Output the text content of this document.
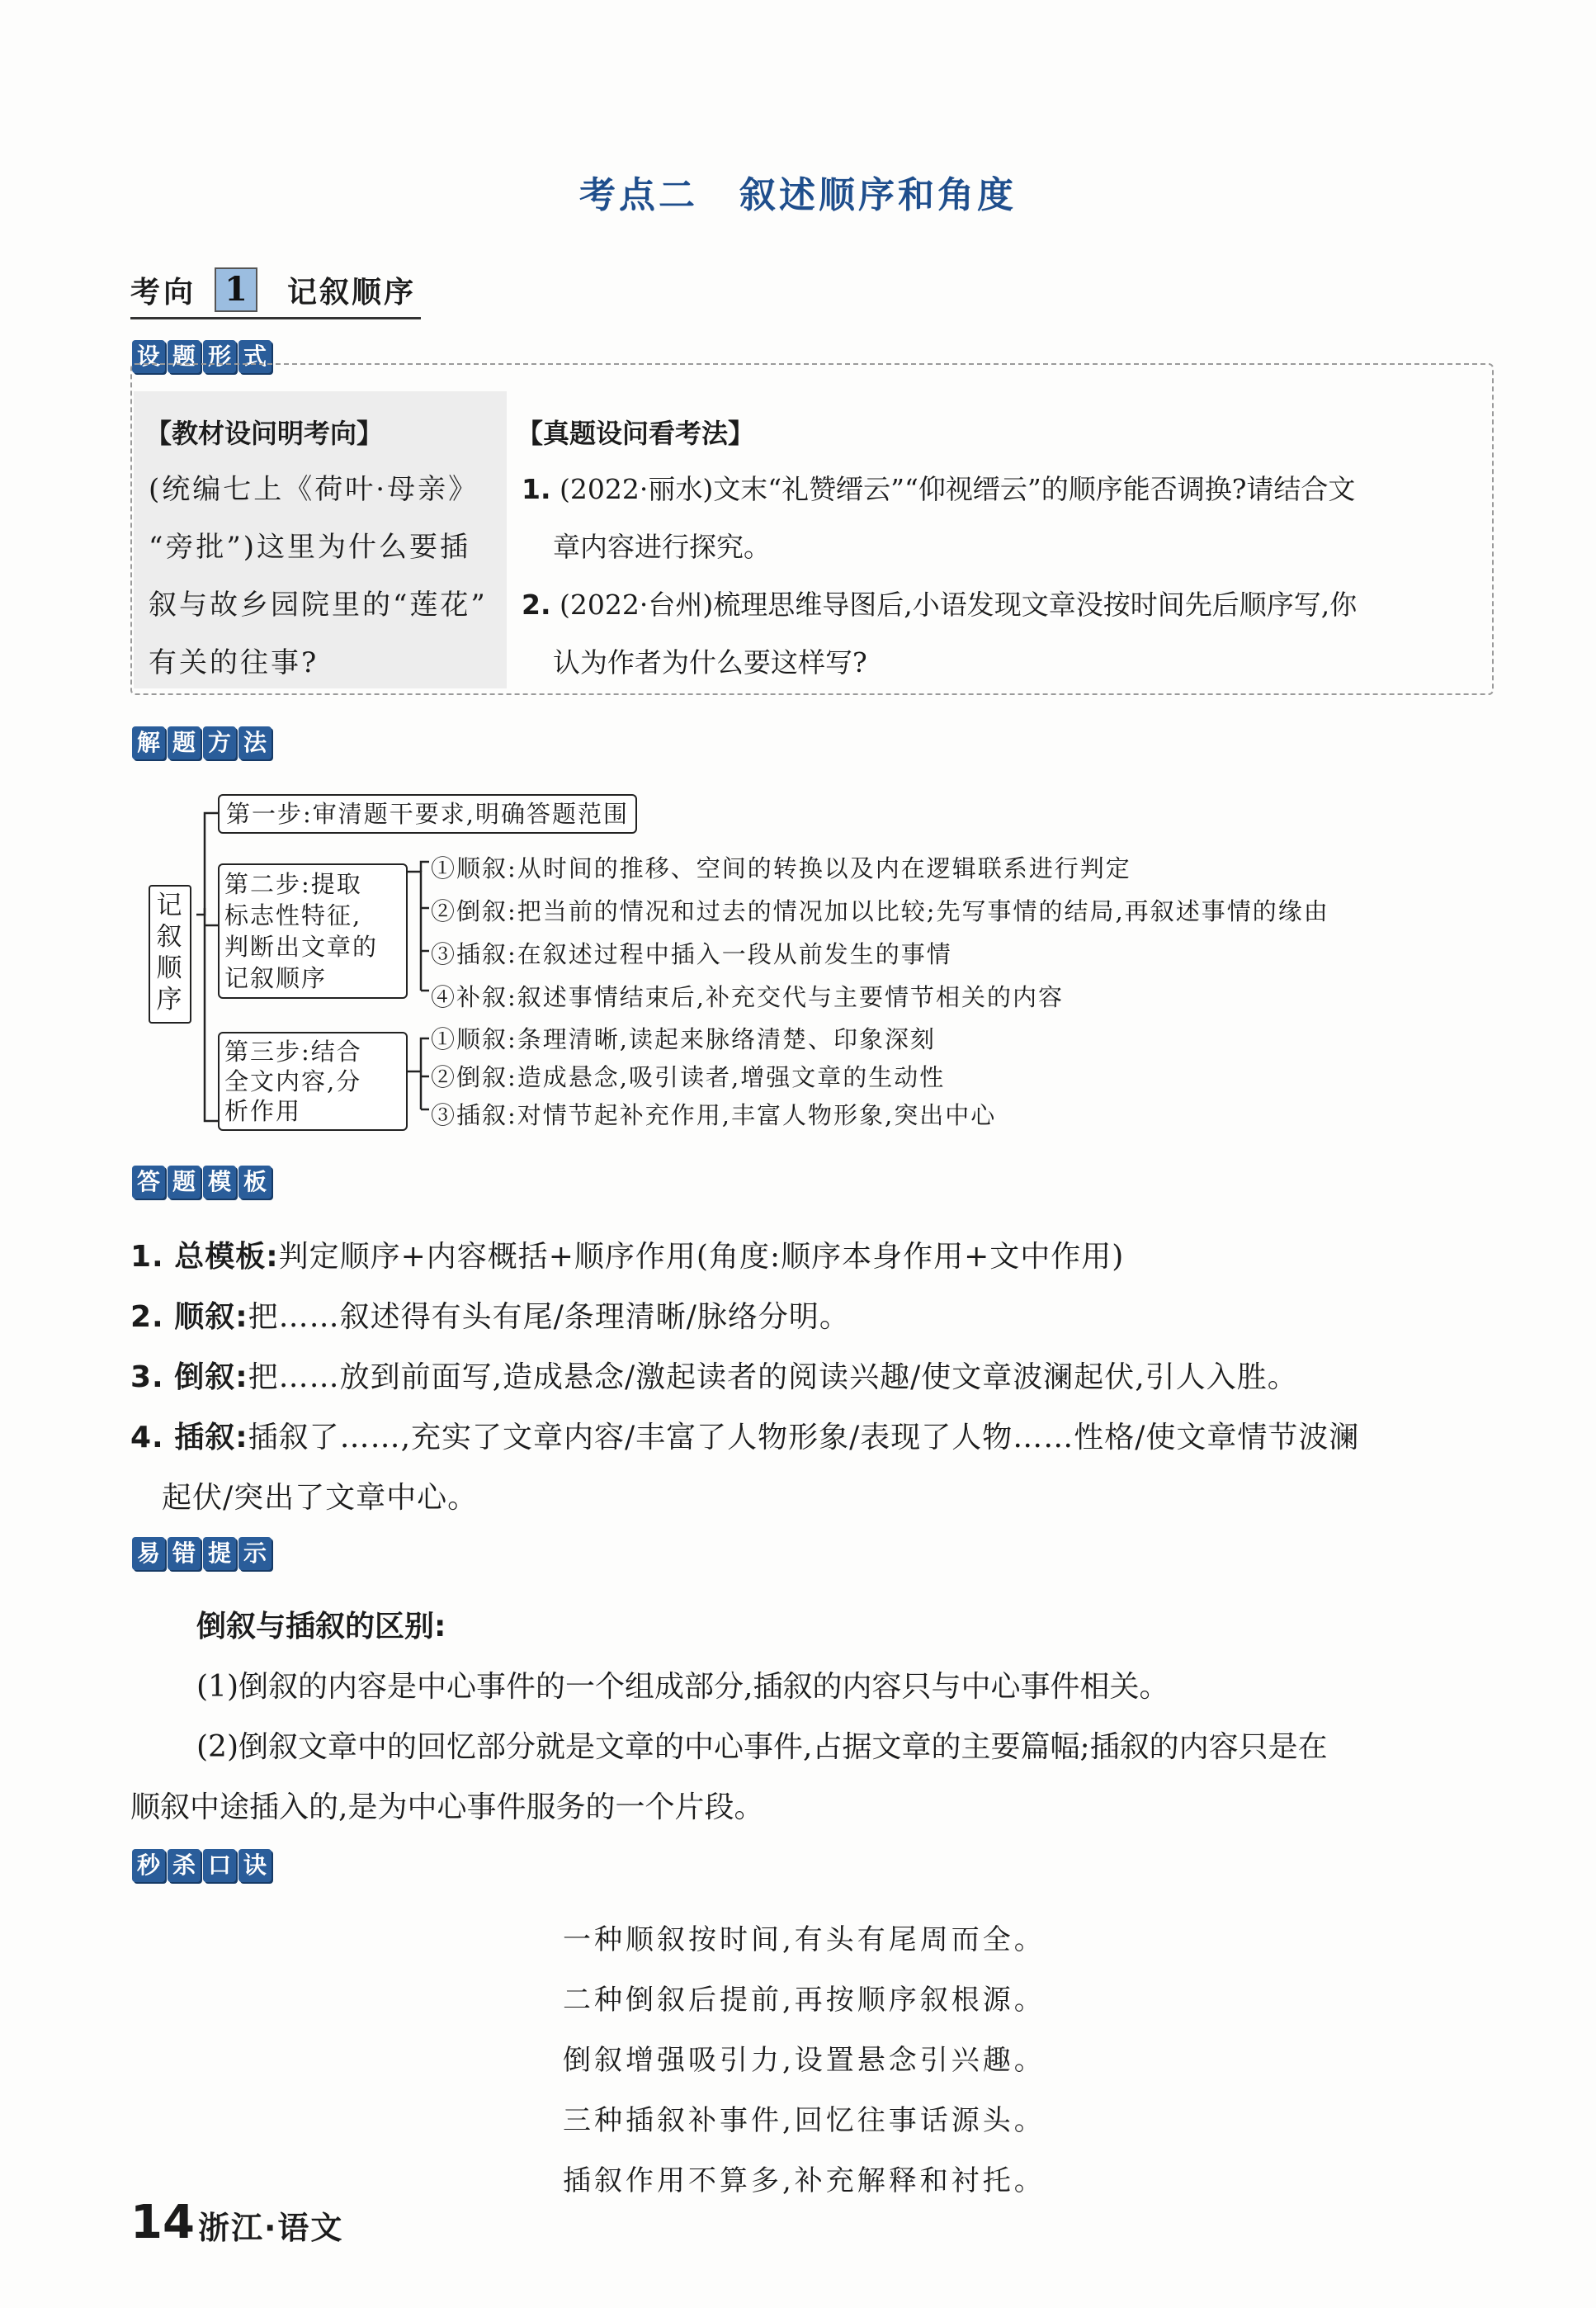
考点二 叙述顺序和角度
考向 1	记叙顺序
设 题 形 式
【教材设问明考向】
(统编七上《荷叶·母亲》
“旁批”)这里为什么要插
叙与故乡园院里的“莲花”
有关的往事?
【真题设问看考法】
1. (2022·丽水)文末“礼赞缙云”“仰视缙云”的顺序能否调换?请结合文
章内容进行探究。
2. (2022·台州)梳理思维导图后,小语发现文章没按时间先后顺序写,你
认为作者为什么要这样写?
解 题 方 法
记
叙
顺
序
第一步:审清题干要求,明确答题范围
第二步:提取
标志性特征,
判断出文章的
记叙顺序
①顺叙:从时间的推移、空间的转换以及内在逻辑联系进行判定
②倒叙:把当前的情况和过去的情况加以比较;先写事情的结局,再叙述事情的缘由
③插叙:在叙述过程中插入一段从前发生的事情
④补叙:叙述事情结束后,补充交代与主要情节相关的内容
第三步:结合
全文内容,分
析作用
①顺叙:条理清晰,读起来脉络清楚、印象深刻
②倒叙:造成悬念,吸引读者,增强文章的生动性
③插叙:对情节起补充作用,丰富人物形象,突出中心
答 题 模 板
1. 总模板:判定顺序+内容概括+顺序作用(角度:顺序本身作用+文中作用)
2. 顺叙:把……叙述得有头有尾/条理清晰/脉络分明。
3. 倒叙:把……放到前面写,造成悬念/激起读者的阅读兴趣/使文章波澜起伏,引人入胜。
4. 插叙:插叙了……,充实了文章内容/丰富了人物形象/表现了人物……性格/使文章情节波澜
起伏/突出了文章中心。
易 错 提 示
倒叙与插叙的区别:
(1)倒叙的内容是中心事件的一个组成部分,插叙的内容只与中心事件相关。
(2)倒叙文章中的回忆部分就是文章的中心事件,占据文章的主要篇幅;插叙的内容只是在
顺叙中途插入的,是为中心事件服务的一个片段。
秒 杀 口 诀
一种顺叙按时间,有头有尾周而全。
二种倒叙后提前,再按顺序叙根源。
倒叙增强吸引力,设置悬念引兴趣。
三种插叙补事件,回忆往事话源头。
插叙作用不算多,补充解释和衬托。
14 浙江·语文
